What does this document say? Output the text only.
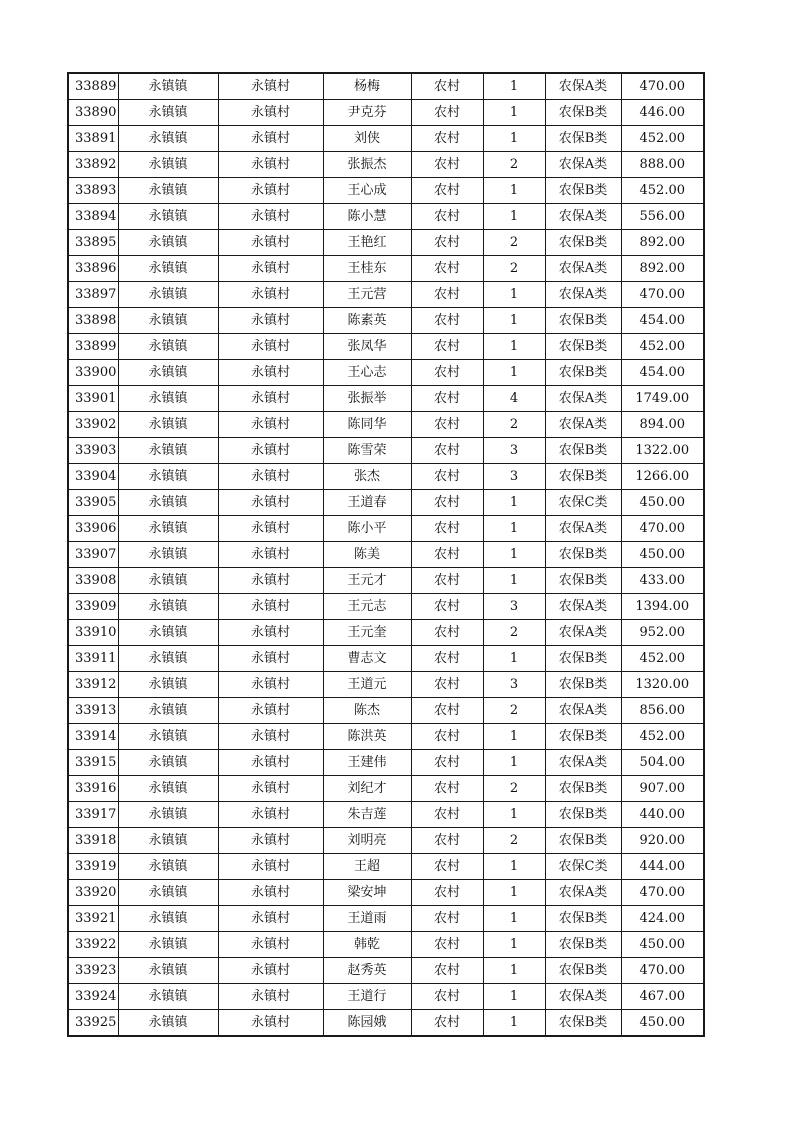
33889	永镇镇	永镇村	杨梅	农村	1	农保A类	470.00
33890	永镇镇	永镇村	尹克芬	农村	1	农保B类	446.00
33891	永镇镇	永镇村	刘侠	农村	1	农保B类	452.00
33892	永镇镇	永镇村	张振杰	农村	2	农保A类	888.00
33893	永镇镇	永镇村	王心成	农村	1	农保B类	452.00
33894	永镇镇	永镇村	陈小慧	农村	1	农保A类	556.00
33895	永镇镇	永镇村	王艳红	农村	2	农保B类	892.00
33896	永镇镇	永镇村	王桂东	农村	2	农保A类	892.00
33897	永镇镇	永镇村	王元营	农村	1	农保A类	470.00
33898	永镇镇	永镇村	陈素英	农村	1	农保B类	454.00
33899	永镇镇	永镇村	张凤华	农村	1	农保B类	452.00
33900	永镇镇	永镇村	王心志	农村	1	农保B类	454.00
33901	永镇镇	永镇村	张振举	农村	4	农保A类	1749.00
33902	永镇镇	永镇村	陈同华	农村	2	农保A类	894.00
33903	永镇镇	永镇村	陈雪荣	农村	3	农保B类	1322.00
33904	永镇镇	永镇村	张杰	农村	3	农保B类	1266.00
33905	永镇镇	永镇村	王道春	农村	1	农保C类	450.00
33906	永镇镇	永镇村	陈小平	农村	1	农保A类	470.00
33907	永镇镇	永镇村	陈美	农村	1	农保B类	450.00
33908	永镇镇	永镇村	王元才	农村	1	农保B类	433.00
33909	永镇镇	永镇村	王元志	农村	3	农保A类	1394.00
33910	永镇镇	永镇村	王元奎	农村	2	农保A类	952.00
33911	永镇镇	永镇村	曹志文	农村	1	农保B类	452.00
33912	永镇镇	永镇村	王道元	农村	3	农保B类	1320.00
33913	永镇镇	永镇村	陈杰	农村	2	农保A类	856.00
33914	永镇镇	永镇村	陈洪英	农村	1	农保B类	452.00
33915	永镇镇	永镇村	王建伟	农村	1	农保A类	504.00
33916	永镇镇	永镇村	刘纪才	农村	2	农保B类	907.00
33917	永镇镇	永镇村	朱吉莲	农村	1	农保B类	440.00
33918	永镇镇	永镇村	刘明亮	农村	2	农保B类	920.00
33919	永镇镇	永镇村	王超	农村	1	农保C类	444.00
33920	永镇镇	永镇村	梁安坤	农村	1	农保A类	470.00
33921	永镇镇	永镇村	王道雨	农村	1	农保B类	424.00
33922	永镇镇	永镇村	韩乾	农村	1	农保B类	450.00
33923	永镇镇	永镇村	赵秀英	农村	1	农保B类	470.00
33924	永镇镇	永镇村	王道行	农村	1	农保A类	467.00
33925	永镇镇	永镇村	陈园娥	农村	1	农保B类	450.00
